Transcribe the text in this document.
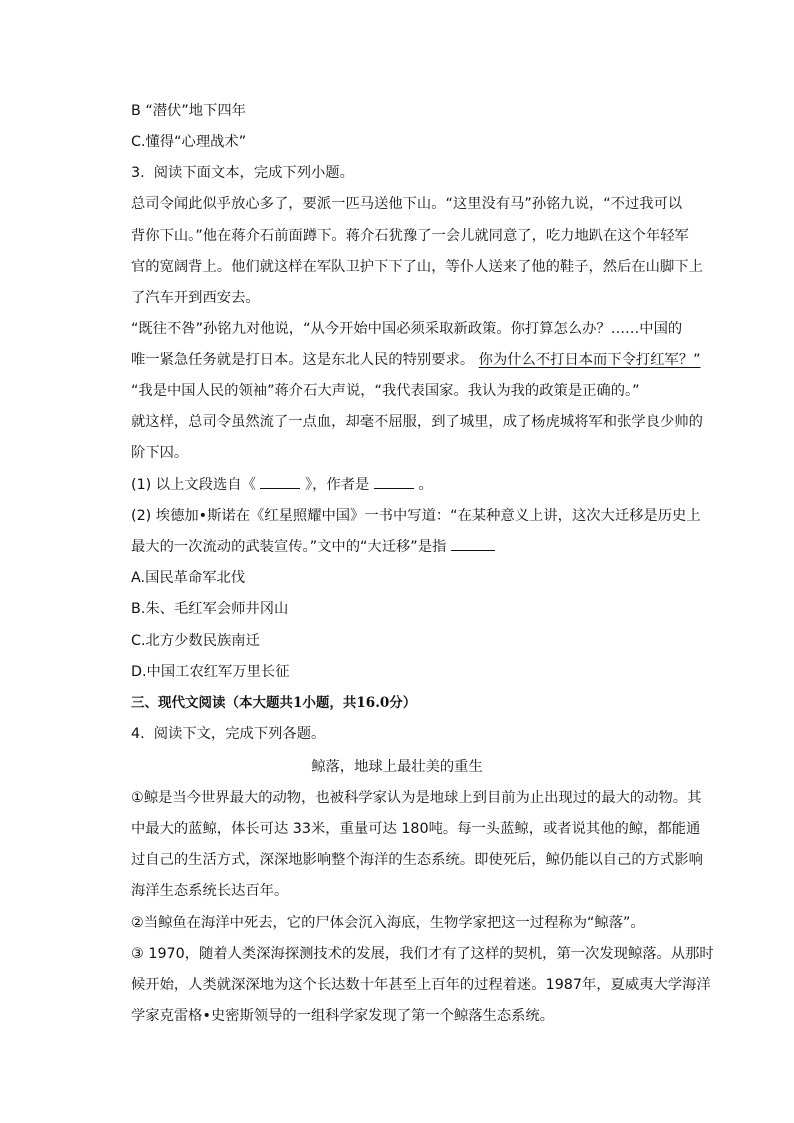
B “潜伏”地下四年
C.懂得“心理战术”
3. 阅读下面文本，完成下列小题。
总司令闻此似乎放心多了，要派一匹马送他下山。“这里没有马”孙铭九说，“不过我可以
背你下山。”他在蒋介石前面蹲下。蒋介石犹豫了一会儿就同意了，吃力地趴在这个年轻军
官的宽阔背上。他们就这样在军队卫护下下了山，等仆人送来了他的鞋子，然后在山脚下上
了汽车开到西安去。
“既往不咎”孙铭九对他说，“从今开始中国必须采取新政策。你打算怎么办？……中国的
唯一紧急任务就是打日本。这是东北人民的特别要求。 你为什么不打日本而下令打红军？”
“我是中国人民的领袖”蒋介石大声说，“我代表国家。我认为我的政策是正确的。”
就这样，总司令虽然流了一点血，却毫不屈服，到了城里，成了杨虎城将军和张学良少帅的
阶下囚。
(1) 以上文段选自《	》，作者是	。
(2) 埃德加•斯诺在《红星照耀中国》一书中写道：“在某种意义上讲，这次大迁移是历史上
最大的一次流动的武装宣传。”文中的“大迁移”是指
A.国民革命军北伐
B.朱、毛红军会师井冈山
C.北方少数民族南迁
D.中国工农红军万里长征
三、现代文阅读（本大题共1小题，共16.0分）
4. 阅读下文，完成下列各题。
鲸落，地球上最壮美的重生
①鲸是当今世界最大的动物，也被科学家认为是地球上到目前为止出现过的最大的动物。其
中最大的蓝鲸，体长可达 33米，重量可达 180吨。每一头蓝鲸，或者说其他的鲸，都能通
过自己的生活方式，深深地影响整个海洋的生态系统。即使死后，鲸仍能以自己的方式影响
海洋生态系统长达百年。
②当鲸鱼在海洋中死去，它的尸体会沉入海底，生物学家把这一过程称为“鲸落”。
③ 1970，随着人类深海探测技术的发展，我们才有了这样的契机，第一次发现鲸落。从那时
候开始，人类就深深地为这个长达数十年甚至上百年的过程着迷。1987年，夏威夷大学海洋
学家克雷格•史密斯领导的一组科学家发现了第一个鲸落生态系统。
